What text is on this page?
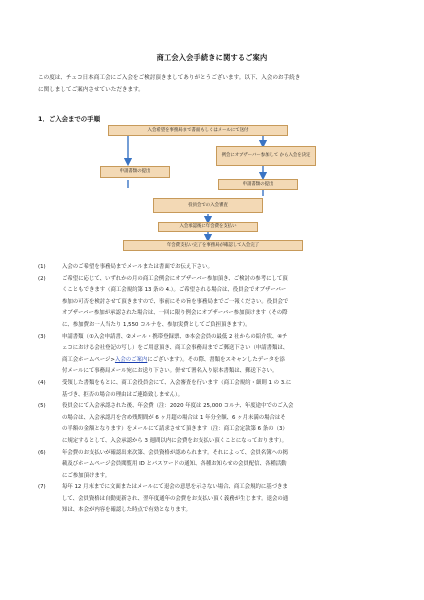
商工会入会手続きに関するご案内
この度は、チェコ日本商工会にご入会をご検討頂きましてありがとうございます。以下、入会のお手続き
に関しましてご案内させていただきます。
1．ご入会までの手順
入会希望を事務局まで書面もしくはメールにて送付
例会にオブザーバー参加して から入会を決定
申請書類の提出
申請書類の提出
役員会での入会審査
入会承認後に年会費を支払い
年会費支払い完了を事務局が確認して入会完了
(1)	入会のご希望を事務局までメールまたは書面でお伝え下さい。
(2)	ご希望に応じて、いずれかの月の商工会例会にオブザーバー参加頂き、ご検討の参考にして頂
くこともできます（商工会規約第 13 条の 4.）。ご希望される場合は、役員会でオブザーバー
参加の可否を検討させて頂きますので、事前にその旨を事務局までご一報ください。役員会で
オブザーバー参加が承認された場合は、一回に限り例会にオブザーバー参加頂けます（その際
に、参加費お一人当たり 1,550 コルナを、参加実費としてご負担頂きます）。
(3)	申請書類（①入会申請書、②メール・携帯登録票、③本会会員の最低 2 社からの紹介状、④チ
ェコにおける会社登記の写し）をご用意頂き、商工会事務局までご郵送下さい（申請書類は、
商工会ホームページ>入会のご案内にございます）。その際、書類をスキャンしたデータを添
付メールにて事務局メール宛にお送り下さい。併せて署名入り原本書類は、郵送下さい。
(4)	受領した書類をもとに、商工会役員会にて、入会審査を行います（商工会規約・細則 1 の 3.に
基づき、拒否の場合の理由はご連絡致しません）。
(5)	役員会にて入会承認された後、年会費（注：2020 年度は 25,000 コルナ、年度途中でのご入会
の場合は、入会承認月を含め残期間が 6 ヶ月超の場合は 1 年分全額、6 ヶ月未満の場合はそ
の半額の金額となります）をメールにて請求させて頂きます（注：商工会定款第 6 条の（3）
に規定するとして、入会承認から 3 週間以内に会費をお支払い頂くことになっております）。
(6)	年会費のお支払いが確認出来次第、会員資格が認められます。それによって、会員名簿への掲
載及びホームページ会員閲覧用 ID とパスワードの通知、各種お知らせの会員配信、各種活動
にご参加頂けます。
(7)	毎年 12 月末までに文面またはメールにて退会の意思を示さない場合、商工会規約に基づきま
して、会員資格は自動更新され、翌年度通年の会費をお支払い頂く義務が生じます。退会の通
知は、本会が内容を確認した時点で有効となります。
